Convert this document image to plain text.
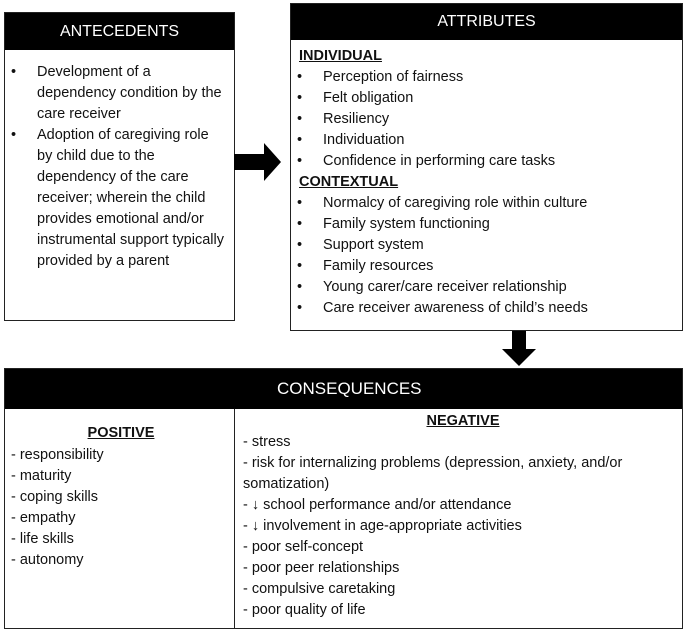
ANTECEDENTS
• Development of a dependency condition by the care receiver
• Adoption of caregiving role by child due to the dependency of the care receiver; wherein the child provides emotional and/or instrumental support typically provided by a parent
ATTRIBUTES
INDIVIDUAL
• Perception of fairness
• Felt obligation
• Resiliency
• Individuation
• Confidence in performing care tasks
CONTEXTUAL
• Normalcy of caregiving role within culture
• Family system functioning
• Support system
• Family resources
• Young carer/care receiver relationship
• Care receiver awareness of child’s needs
CONSEQUENCES
POSITIVE
- responsibility
- maturity
- coping skills
- empathy
- life skills
- autonomy
NEGATIVE
- stress
- risk for internalizing problems (depression, anxiety, and/or somatization)
- ↓ school performance and/or attendance
- ↓ involvement in age-appropriate activities
- poor self-concept
- poor peer relationships
- compulsive caretaking
- poor quality of life
